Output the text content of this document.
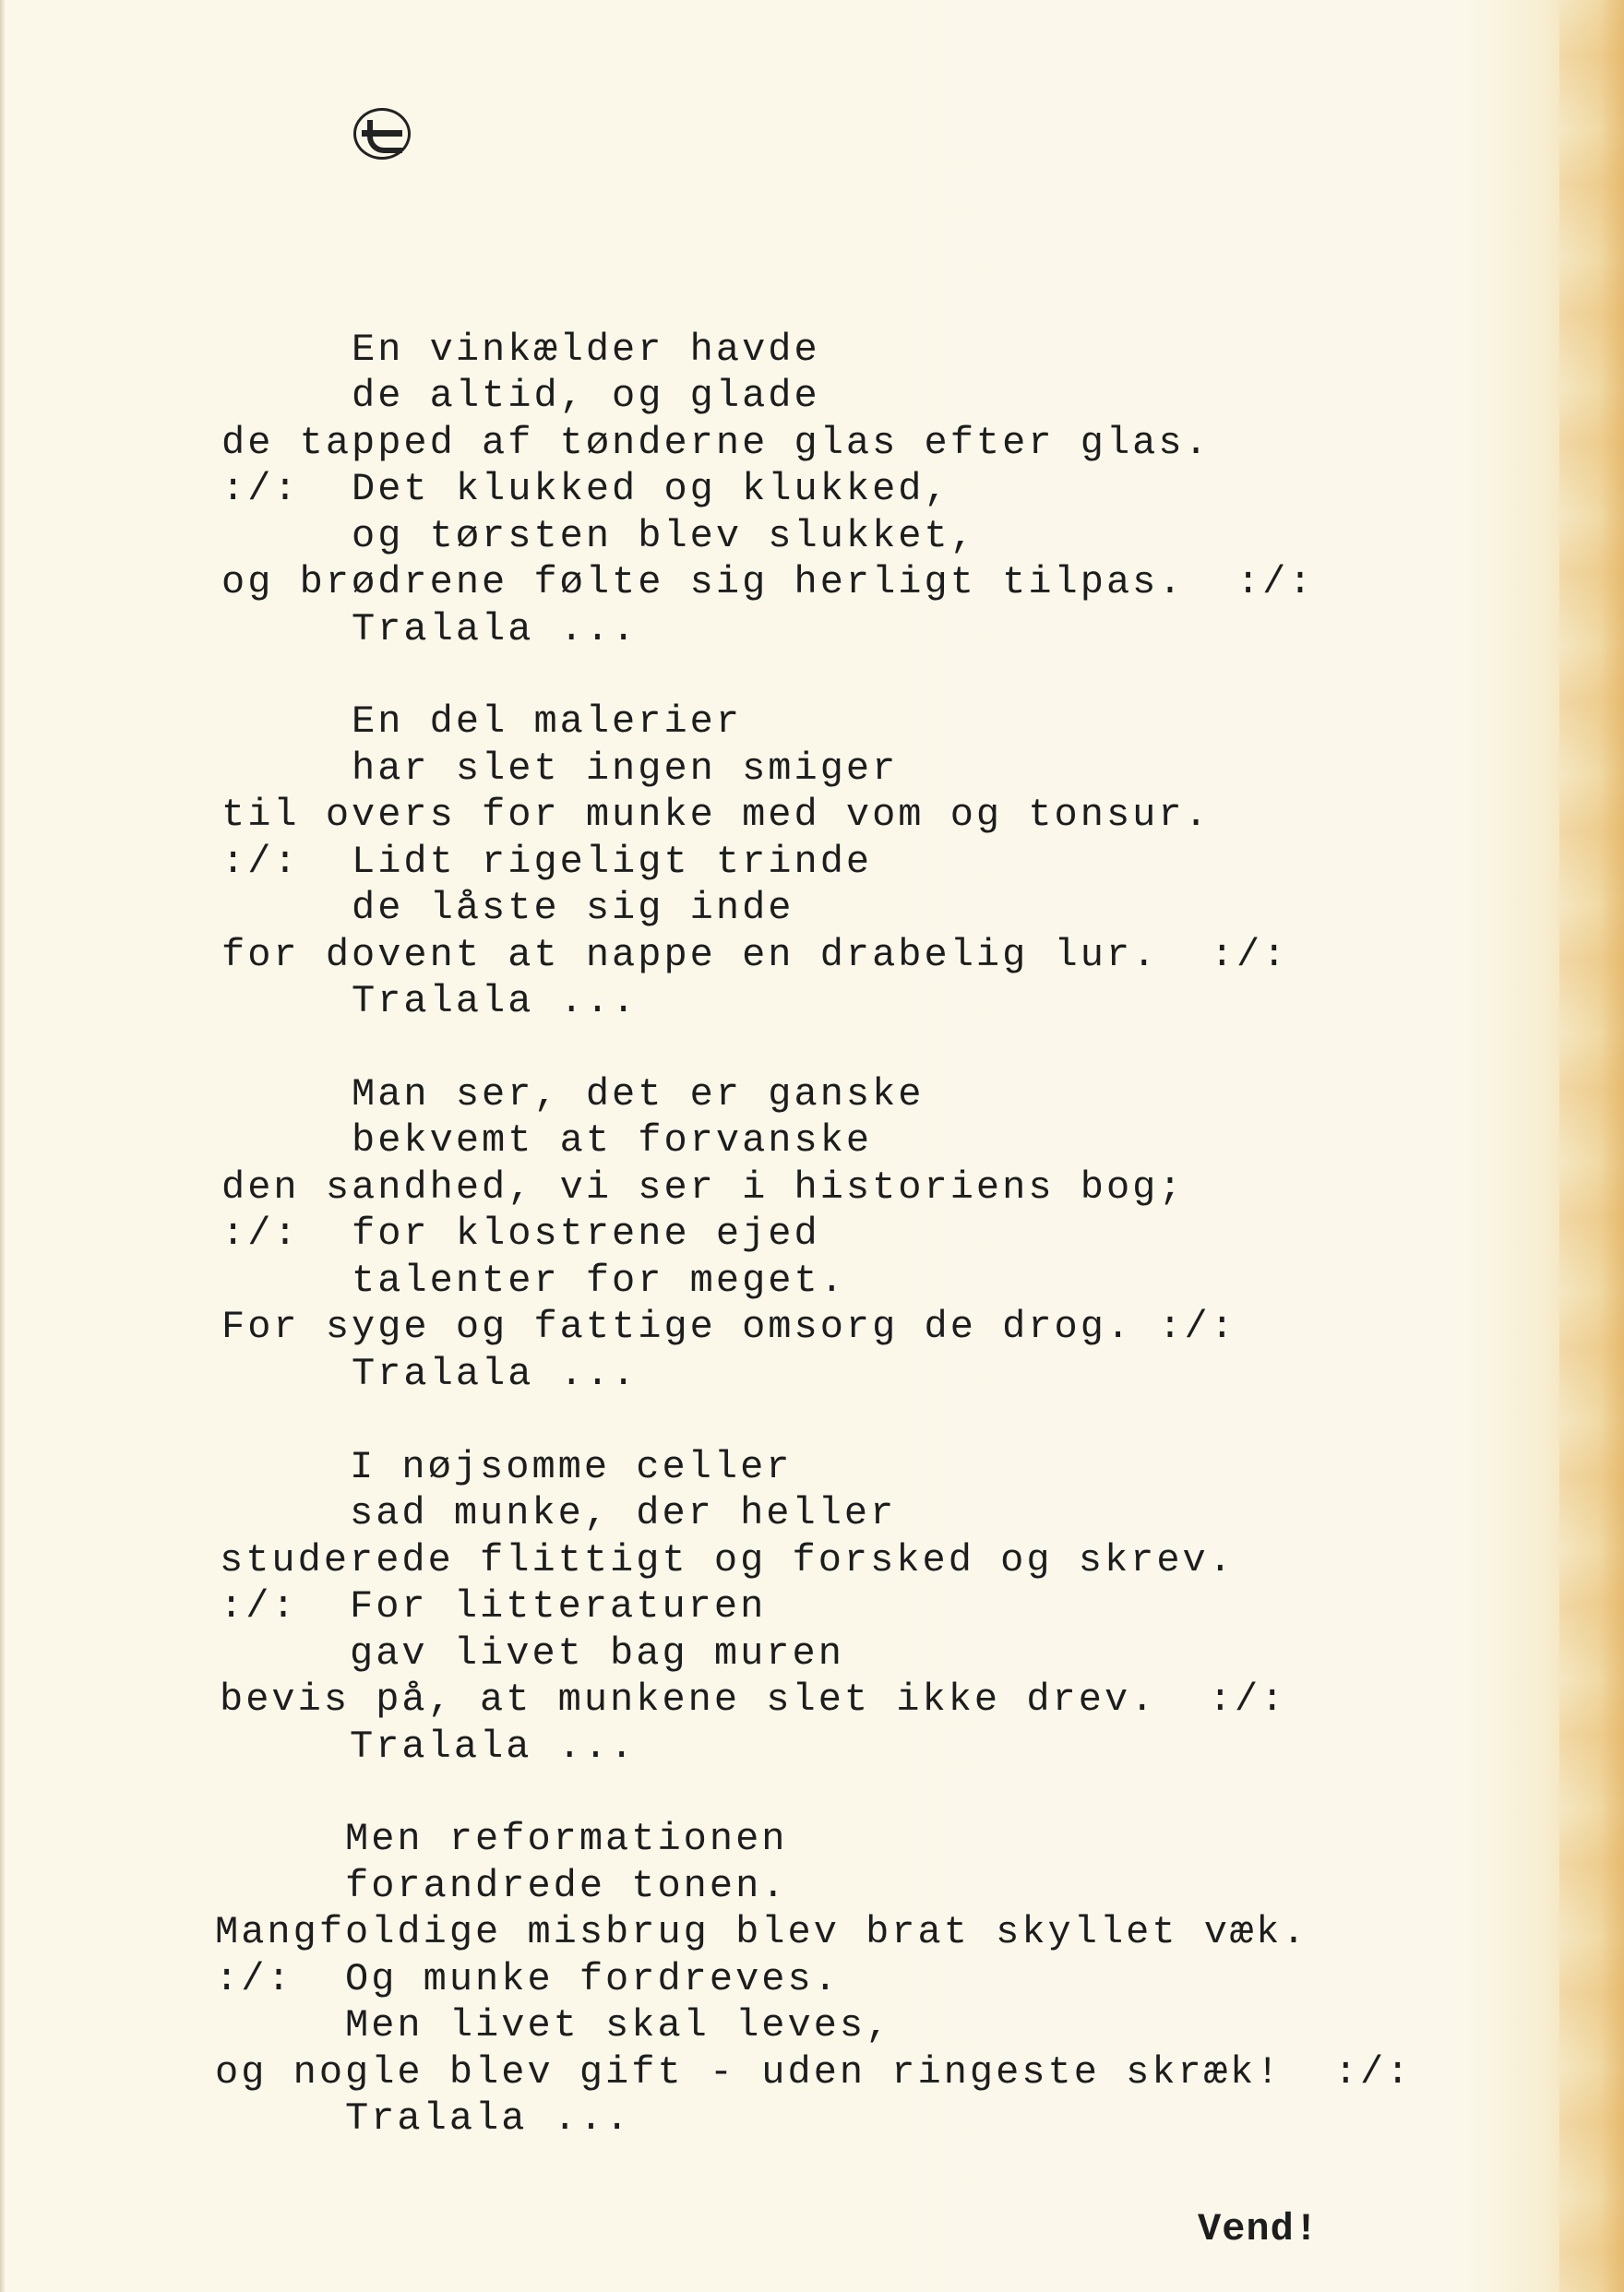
En vinkælder havde

de altid, og glade

de tapped af tønderne glas efter glas.

:/:  Det klukked og klukked,

og tørsten blev slukket,

og brødrene følte sig herligt tilpas.  :/:

Tralala ...

En del malerier

har slet ingen smiger

til overs for munke med vom og tonsur.

:/:  Lidt rigeligt trinde

de låste sig inde

for dovent at nappe en drabelig lur.  :/:

Tralala ...

Man ser, det er ganske

bekvemt at forvanske

den sandhed, vi ser i historiens bog;

:/:  for klostrene ejed

talenter for meget.

For syge og fattige omsorg de drog. :/:

Tralala ...

I nøjsomme celler

sad munke, der heller

studerede flittigt og forsked og skrev.

:/:  For litteraturen

gav livet bag muren

bevis på, at munkene slet ikke drev.  :/:

Tralala ...

Men reformationen

forandrede tonen.

Mangfoldige misbrug blev brat skyllet væk.

:/:  Og munke fordreves.

Men livet skal leves,

og nogle blev gift - uden ringeste skræk!  :/:

Tralala ...

Vend!
